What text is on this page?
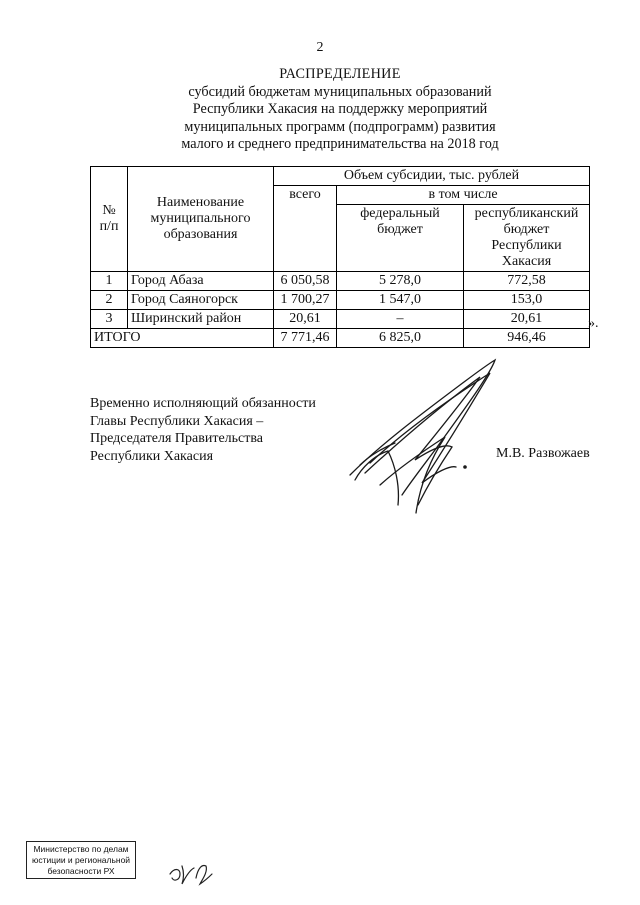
2
РАСПРЕДЕЛЕНИЕ
субсидий бюджетам муниципальных образований
Республики Хакасия на поддержку мероприятий
муниципальных программ (подпрограмм) развития
малого и среднего предпринимательства на 2018 год
№ п/п	Наименование муниципального образования	Объем субсидии, тыс. рублей		
		всего	в том числе	
			федеральный бюджет	республиканский бюджет Республики Хакасия
1	Город Абаза	6 050,58	5 278,0	772,58
2	Город Саяногорск	1 700,27	1 547,0	153,0
3	Ширинский район	20,61	–	20,61
ИТОГО		7 771,46	6 825,0	946,46
».
Временно исполняющий обязанности
Главы Республики Хакасия –
Председателя Правительства
Республики Хакасия	М.В. Развожаев
Министерство по делам
юстиции и региональной
безопасности РХ
